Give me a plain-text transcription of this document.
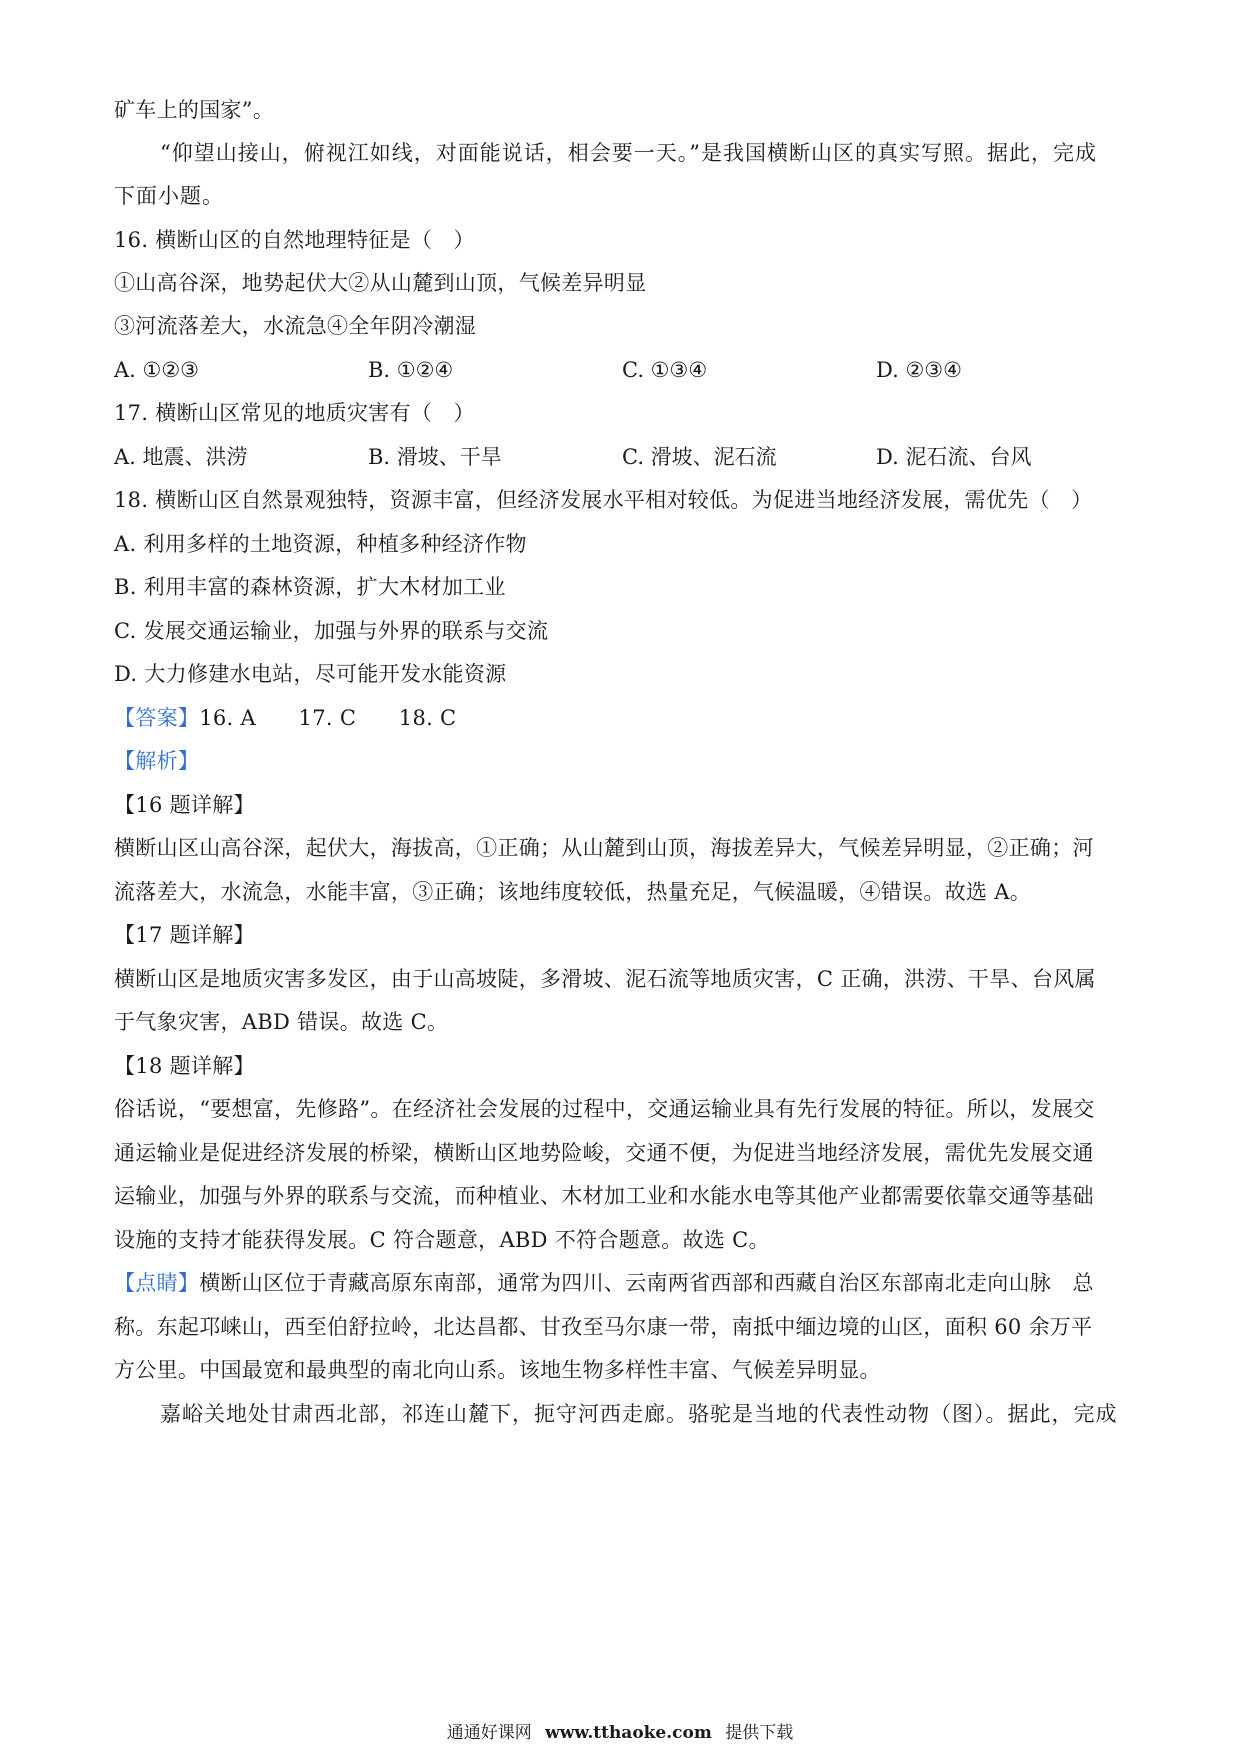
矿车上的国家”。
“仰望山接山，俯视江如线，对面能说话，相会要一天。”是我国横断山区的真实写照。据此，完成
下面小题。
16. 横断山区的自然地理特征是（　）
①山高谷深，地势起伏大②从山麓到山顶，气候差异明显
③河流落差大，水流急④全年阴冷潮湿
A. ①②③	B. ①②④	C. ①③④	D. ②③④
17. 横断山区常见的地质灾害有（　）
A. 地震、洪涝	B. 滑坡、干旱	C. 滑坡、泥石流	D. 泥石流、台风
18. 横断山区自然景观独特，资源丰富，但经济发展水平相对较低。为促进当地经济发展，需优先（　）
A. 利用多样的土地资源，种植多种经济作物
B. 利用丰富的森林资源，扩大木材加工业
C. 发展交通运输业，加强与外界的联系与交流
D. 大力修建水电站，尽可能开发水能资源
【答案】16. A　　17. C　　18. C
【解析】
【16 题详解】
横断山区山高谷深，起伏大，海拔高，①正确；从山麓到山顶，海拔差异大，气候差异明显，②正确；河
流落差大，水流急，水能丰富，③正确；该地纬度较低，热量充足，气候温暖，④错误。故选 A。
【17 题详解】
横断山区是地质灾害多发区，由于山高坡陡，多滑坡、泥石流等地质灾害，C 正确，洪涝、干旱、台风属
于气象灾害，ABD 错误。故选 C。
【18 题详解】
俗话说，“要想富，先修路”。在经济社会发展的过程中，交通运输业具有先行发展的特征。所以，发展交
通运输业是促进经济发展的桥梁，横断山区地势险峻，交通不便，为促进当地经济发展，需优先发展交通
运输业，加强与外界的联系与交流，而种植业、木材加工业和水能水电等其他产业都需要依靠交通等基础
设施的支持才能获得发展。C 符合题意，ABD 不符合题意。故选 C。
【点睛】横断山区位于青藏高原东南部，通常为四川、云南两省西部和西藏自治区东部南北走向山脉　总
称。东起邛崃山，西至伯舒拉岭，北达昌都、甘孜至马尔康一带，南抵中缅边境的山区，面积 60 余万平
方公里。中国最宽和最典型的南北向山系。该地生物多样性丰富、气候差异明显。
嘉峪关地处甘肃西北部，祁连山麓下，扼守河西走廊。骆驼是当地的代表性动物（图）。据此，完成
通通好课网 www.tthaoke.com 提供下载
